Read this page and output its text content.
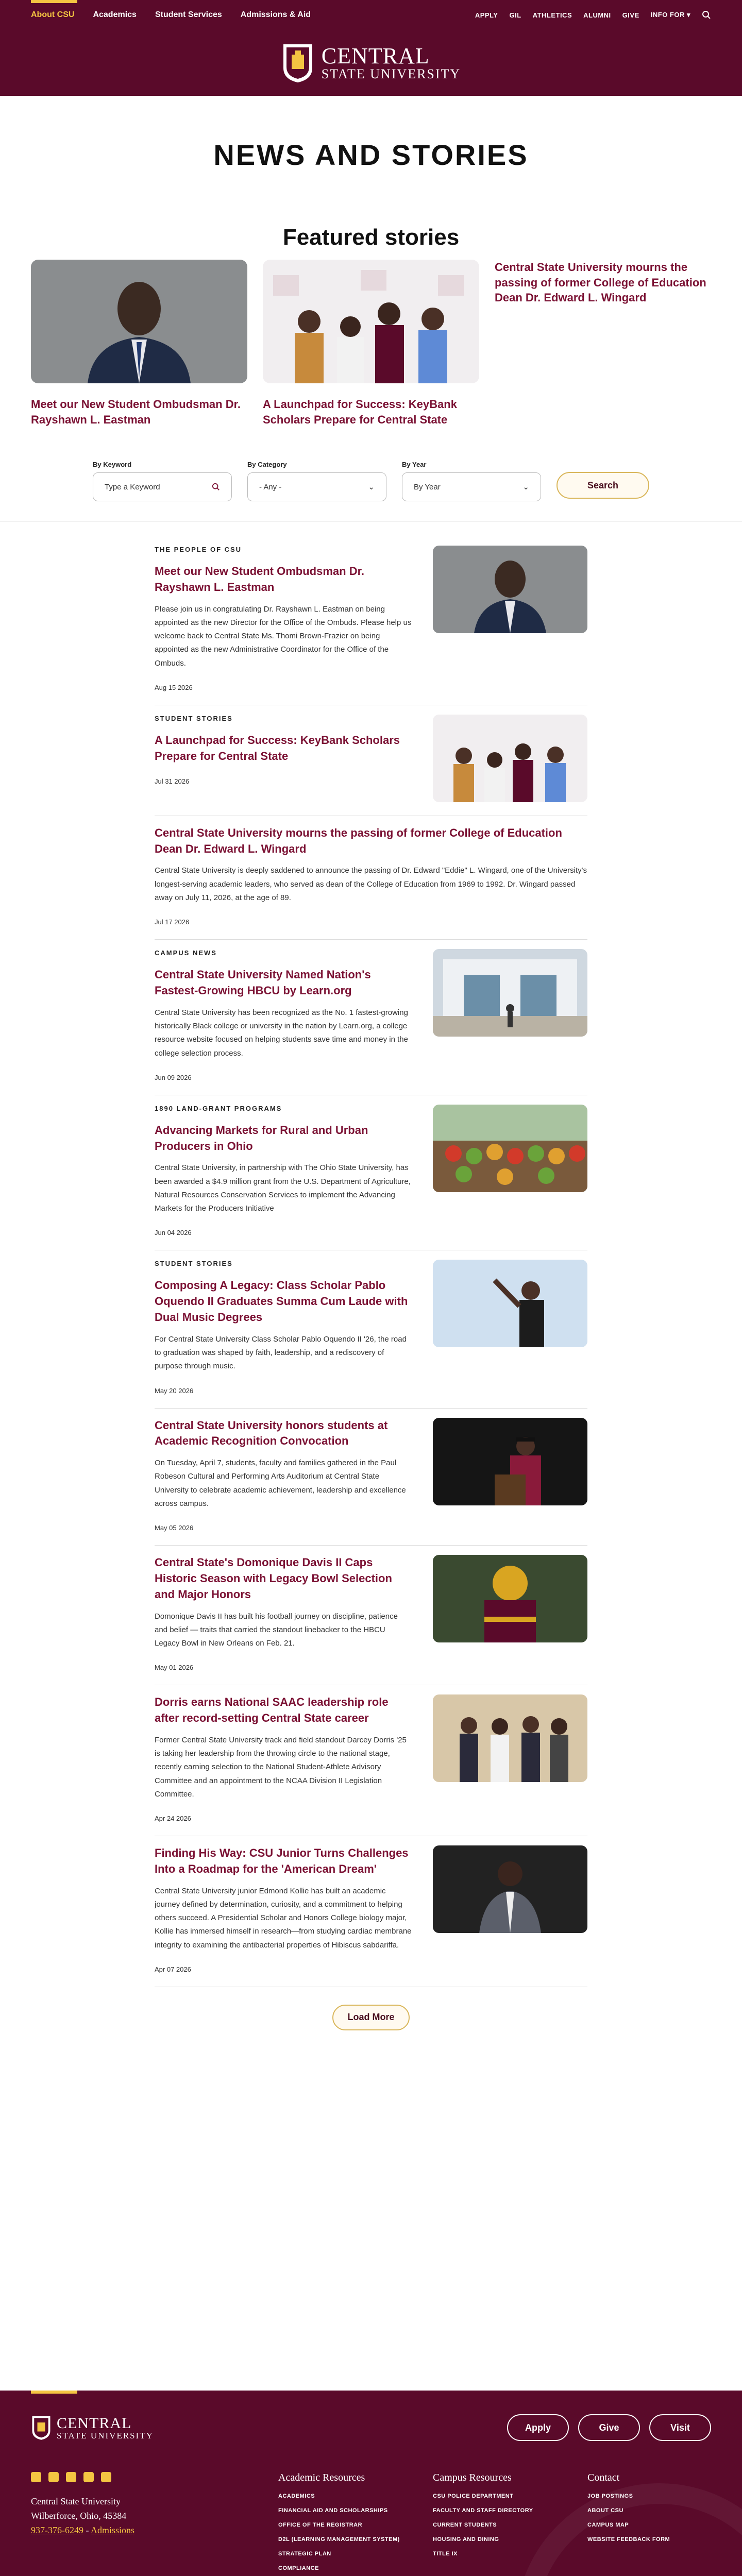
About CSU Academics Student Services Admissions & Aid	APPLY GIL ATHLETICS ALUMNI GIVE INFO FOR ▾
CENTRAL
STATE UNIVERSITY
NEWS AND STORIES
Featured stories
Meet our New Student Ombudsman Dr. Rayshawn L. Eastman
A Launchpad for Success: KeyBank Scholars Prepare for Central State
Central State University mourns the passing of former College of Education Dean Dr. Edward L. Wingard
By Keyword
Type a Keyword
By Category
- Any -	⌄
By Year
By Year	⌄	Search
THE PEOPLE OF CSU
Meet our New Student Ombudsman Dr. Rayshawn L. Eastman

Please join us in congratulating Dr. Rayshawn L. Eastman on being appointed as the new Director for the Office of the Ombuds. Please help us welcome back to Central State Ms. Thomi Brown-Frazier on being appointed as the new Administrative Coordinator for the Office of the Ombuds.

Aug 15 2026
STUDENT STORIES
A Launchpad for Success: KeyBank Scholars Prepare for Central State
Jul 31 2026
Central State University mourns the passing of former College of Education Dean Dr. Edward L. Wingard

Central State University is deeply saddened to announce the passing of Dr. Edward "Eddie" L. Wingard, one of the University's longest-serving academic leaders, who served as dean of the College of Education from 1969 to 1992. Dr. Wingard passed away on July 11, 2026, at the age of 89.

Jul 17 2026
CAMPUS NEWS
Central State University Named Nation's Fastest-Growing HBCU by Learn.org

Central State University has been recognized as the No. 1 fastest-growing historically Black college or university in the nation by Learn.org, a college resource website focused on helping students save time and money in the college selection process.

Jun 09 2026
1890 LAND-GRANT PROGRAMS
Advancing Markets for Rural and Urban Producers in Ohio

Central State University, in partnership with The Ohio State University, has been awarded a $4.9 million grant from the U.S. Department of Agriculture, Natural Resources Conservation Services to implement the Advancing Markets for the Producers Initiative

Jun 04 2026
STUDENT STORIES
Composing A Legacy: Class Scholar Pablo Oquendo II Graduates Summa Cum Laude with Dual Music Degrees

For Central State University Class Scholar Pablo Oquendo II '26, the road to graduation was shaped by faith, leadership, and a rediscovery of purpose through music.

May 20 2026
Central State University honors students at Academic Recognition Convocation

On Tuesday, April 7, students, faculty and families gathered in the Paul Robeson Cultural and Performing Arts Auditorium at Central State University to celebrate academic achievement, leadership and excellence across campus.

May 05 2026
Central State's Domonique Davis II Caps Historic Season with Legacy Bowl Selection and Major Honors

Domonique Davis II has built his football journey on discipline, patience and belief — traits that carried the standout linebacker to the HBCU Legacy Bowl in New Orleans on Feb. 21.

May 01 2026
Dorris earns National SAAC leadership role after record-setting Central State career

Former Central State University track and field standout Darcey Dorris '25 is taking her leadership from the throwing circle to the national stage, recently earning selection to the National Student-Athlete Advisory Committee and an appointment to the NCAA Division II Legislation Committee.

Apr 24 2026
Finding His Way: CSU Junior Turns Challenges Into a Roadmap for the 'American Dream'

Central State University junior Edmond Kollie has built an academic journey defined by determination, curiosity, and a commitment to helping others succeed. A Presidential Scholar and Honors College biology major, Kollie has immersed himself in research—from studying cardiac membrane integrity to examining the antibacterial properties of Hibiscus sabdariffa.

Apr 07 2026
Load More
CENTRAL
STATE UNIVERSITY
Apply	Give	Visit
Central State University
Wilberforce, Ohio, 45384
937-376-6249 - Admissions
Academic Resources
ACADEMICS
FINANCIAL AID AND SCHOLARSHIPS
OFFICE OF THE REGISTRAR
D2L (LEARNING MANAGEMENT SYSTEM)
STRATEGIC PLAN
COMPLIANCE
Campus Resources
CSU POLICE DEPARTMENT
FACULTY AND STAFF DIRECTORY
CURRENT STUDENTS
HOUSING AND DINING
TITLE IX
Contact
JOB POSTINGS
ABOUT CSU
CAMPUS MAP
WEBSITE FEEDBACK FORM
